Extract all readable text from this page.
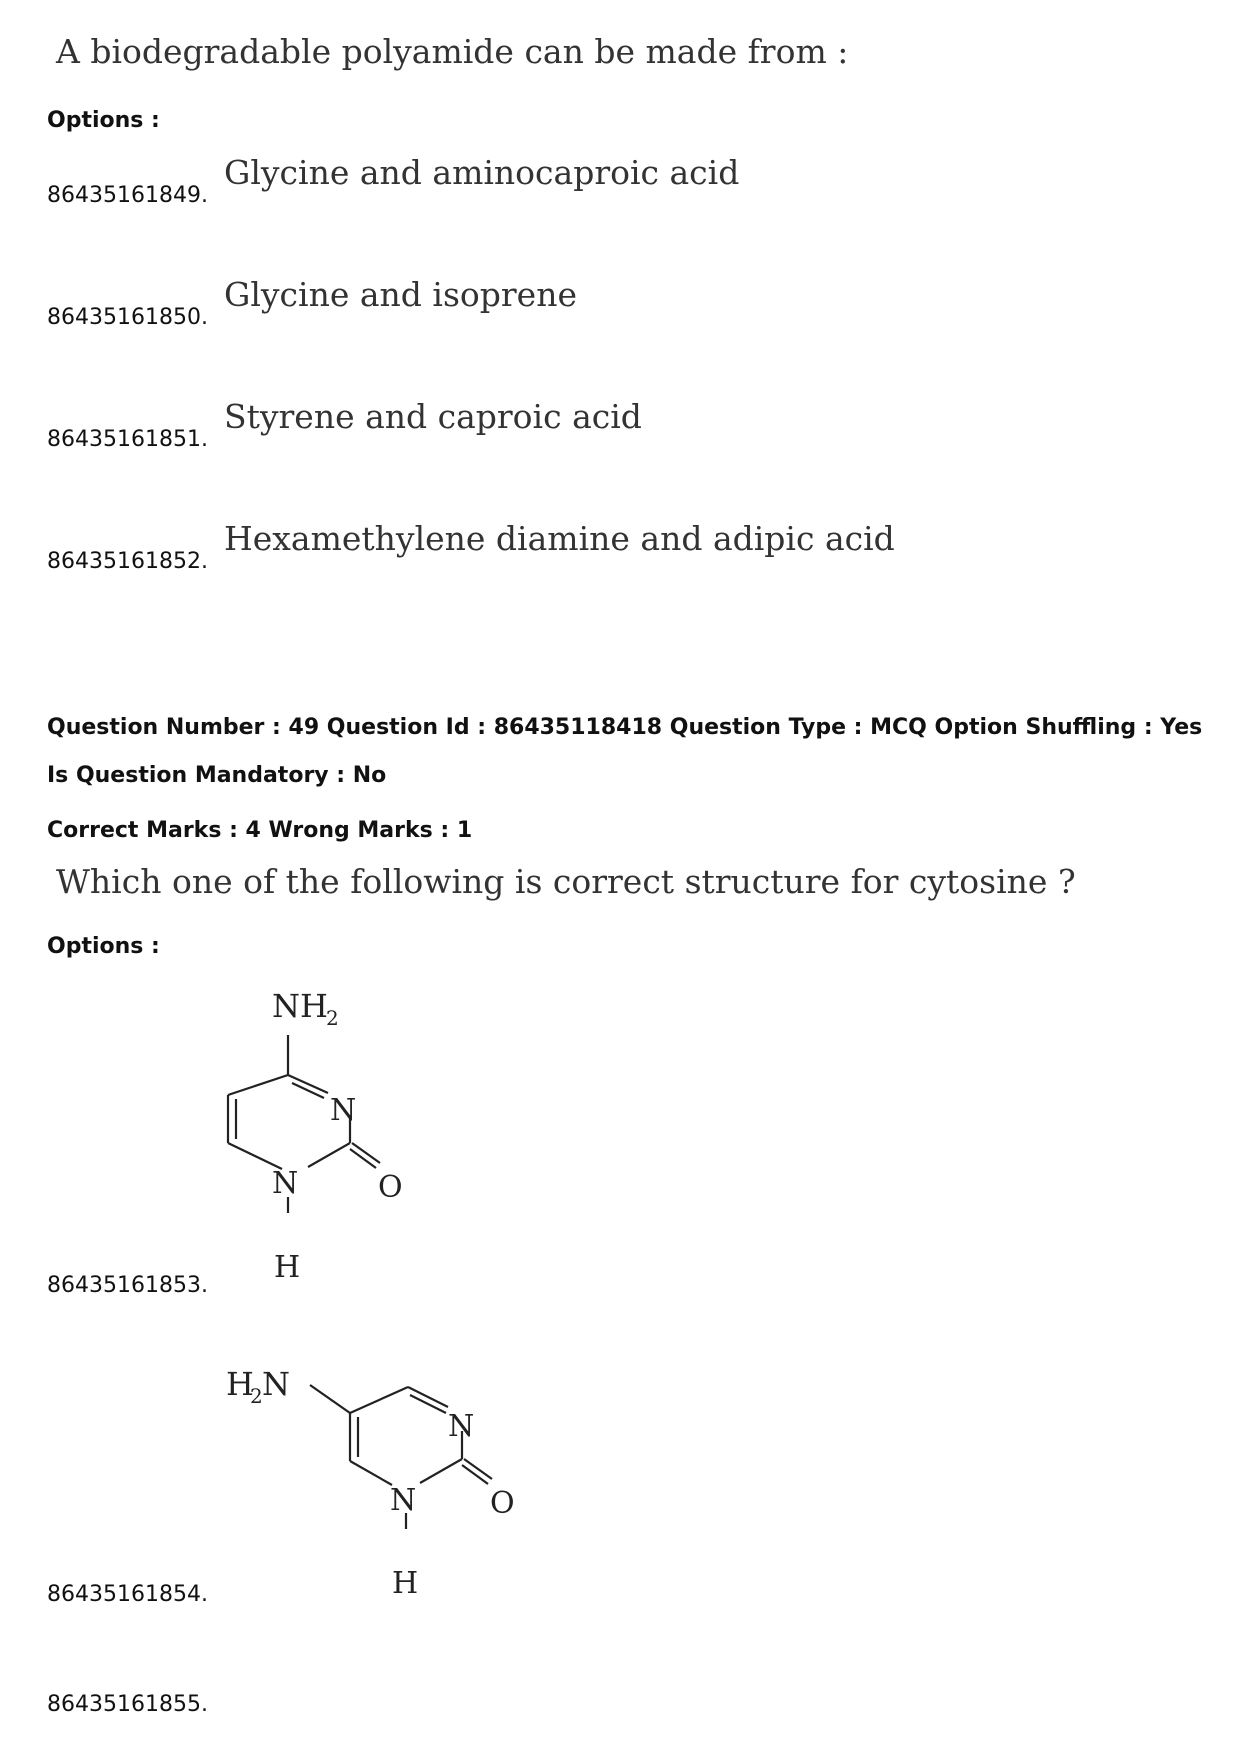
A biodegradable polyamide can be made from :
Options :
86435161849.
Glycine and aminocaproic acid
86435161850.
Glycine and isoprene
86435161851.
Styrene and caproic acid
86435161852.
Hexamethylene diamine and adipic acid
Question Number : 49 Question Id : 86435118418 Question Type : MCQ Option Shuffling : Yes
Is Question Mandatory : No
Correct Marks : 4 Wrong Marks : 1
Which one of the following is correct structure for cytosine ?
Options :
NH
2
N
N	O
H
86435161853.
H
2 N
N
N O
H
86435161854.
86435161855.
